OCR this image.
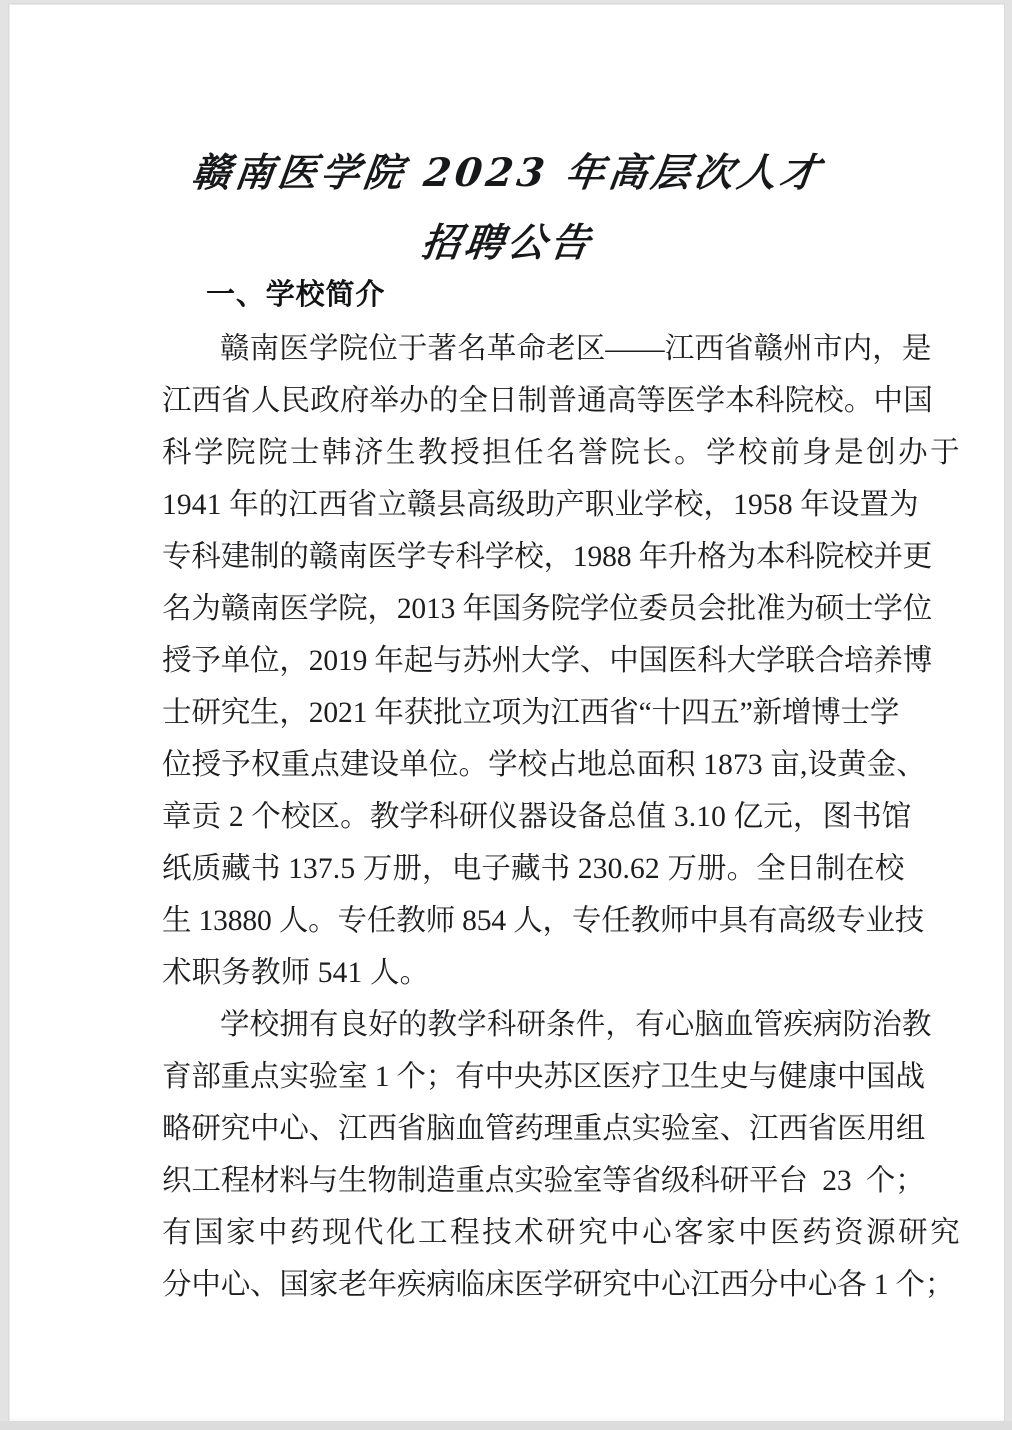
赣南医学院 2023 年高层次人才
招聘公告
一、学校简介
赣南医学院位于著名革命老区——江西省赣州市内，是
江西省人民政府举办的全日制普通高等医学本科院校。中国
科学院院士韩济生教授担任名誉院长。学校前身是创办于
1941 年的江西省立赣县高级助产职业学校，1958 年设置为
专科建制的赣南医学专科学校，1988 年升格为本科院校并更
名为赣南医学院，2013 年国务院学位委员会批准为硕士学位
授予单位，2019 年起与苏州大学、中国医科大学联合培养博
士研究生，2021 年获批立项为江西省“十四五”新增博士学
位授予权重点建设单位。学校占地总面积 1873 亩,设黄金、
章贡 2 个校区。教学科研仪器设备总值 3.10 亿元，图书馆
纸质藏书 137.5 万册，电子藏书 230.62 万册。全日制在校
生 13880 人。专任教师 854 人，专任教师中具有高级专业技
术职务教师 541 人。
学校拥有良好的教学科研条件，有心脑血管疾病防治教
育部重点实验室 1 个；有中央苏区医疗卫生史与健康中国战
略研究中心、江西省脑血管药理重点实验室、江西省医用组
织工程材料与生物制造重点实验室等省级科研平台  23  个；
有国家中药现代化工程技术研究中心客家中医药资源研究
分中心、国家老年疾病临床医学研究中心江西分中心各 1 个；
